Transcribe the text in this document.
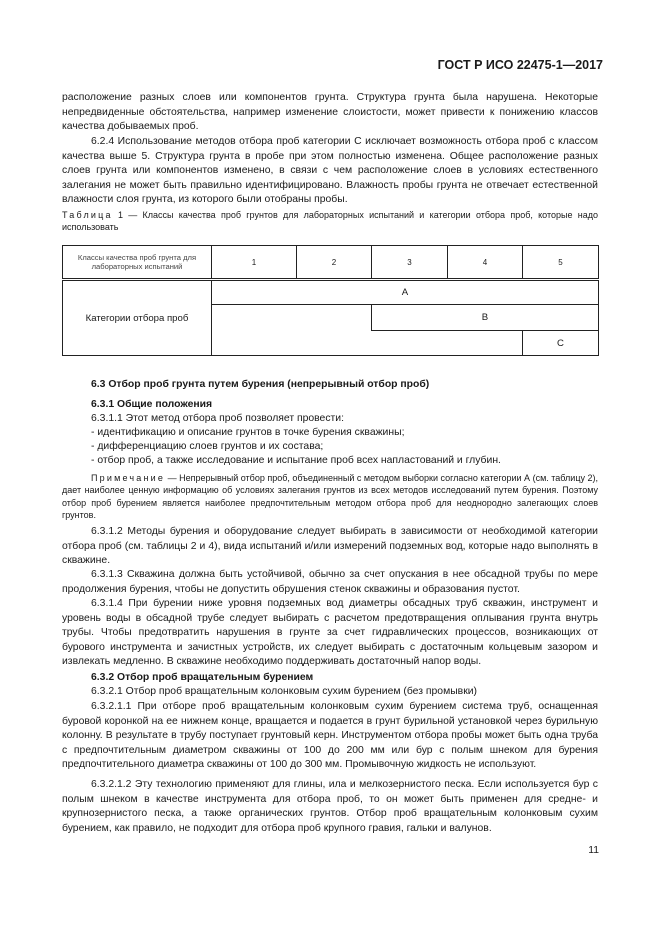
ГОСТ Р ИСО 22475-1—2017

расположение разных слоев или компонентов грунта. Структура грунта была нарушена. Некоторые непредвиденные обстоятельства, например изменение слоистости, может привести к понижению классов качества добываемых проб.

6.2.4 Использование методов отбора проб категории С исключает возможность отбора проб с классом качества выше 5. Структура грунта в пробе при этом полностью изменена. Общее расположение разных слоев грунта или компонентов изменено, в связи с чем расположение слоев в условиях естественного залегания не может быть правильно идентифицировано. Влажность пробы грунта не отвечает естественной влажности слоя грунта, из которого были отобраны пробы.

Таблица 1 — Классы качества проб грунтов для лабораторных испытаний и категории отбора проб, которые надо использовать

Классы качества проб грунта для лабораторных испытаний	1	2	3	4	5
Категории отбора проб	A				
			B		
					C

6.3 Отбор проб грунта путем бурения (непрерывный отбор проб)

6.3.1 Общие положения

6.3.1.1 Этот метод отбора проб позволяет провести:

- идентификацию и описание грунтов в точке бурения скважины;

- дифференциацию слоев грунтов и их состава;

- отбор проб, а также исследование и испытание проб всех напластований и глубин.

Примечание — Непрерывный отбор проб, объединенный с методом выборки согласно категории А (см. таблицу 2), дает наиболее ценную информацию об условиях залегания грунтов из всех методов исследований путем бурения. Поэтому отбор проб бурением является наиболее предпочтительным методом отбора проб для неоднородно залегающих слоев грунтов.

6.3.1.2 Методы бурения и оборудование следует выбирать в зависимости от необходимой категории отбора проб (см. таблицы 2 и 4), вида испытаний и/или измерений подземных вод, которые надо выполнять в скважине.

6.3.1.3 Скважина должна быть устойчивой, обычно за счет опускания в нее обсадной трубы по мере продолжения бурения, чтобы не допустить обрушения стенок скважины и образования пустот.

6.3.1.4 При бурении ниже уровня подземных вод диаметры обсадных труб скважин, инструмент и уровень воды в обсадной трубе следует выбирать с расчетом предотвращения оплывания грунта внутрь трубы. Чтобы предотвратить нарушения в грунте за счет гидравлических процессов, возникающих от бурового инструмента и зачистных устройств, их следует выбирать с достаточным кольцевым зазором и извлекать медленно. В скважине необходимо поддерживать достаточный напор воды.

6.3.2 Отбор проб вращательным бурением

6.3.2.1 Отбор проб вращательным колонковым сухим бурением (без промывки)

6.3.2.1.1 При отборе проб вращательным колонковым сухим бурением система труб, оснащенная буровой коронкой на ее нижнем конце, вращается и подается в грунт бурильной установкой через бурильную колонну. В результате в трубу поступает грунтовый керн. Инструментом отбора пробы может быть одна труба с предпочтительным диаметром скважины от 100 до 200 мм или бур с полым шнеком для бурения предпочтительного диаметра скважины от 100 до 300 мм. Промывочную жидкость не используют.

6.3.2.1.2 Эту технологию применяют для глины, ила и мелкозернистого песка. Если используется бур с полым шнеком в качестве инструмента для отбора проб, то он может быть применен для средне- и крупнозернистого песка, а также органических грунтов. Отбор проб вращательным колонковым сухим бурением, как правило, не подходит для отбора проб крупного гравия, гальки и валунов.

11
